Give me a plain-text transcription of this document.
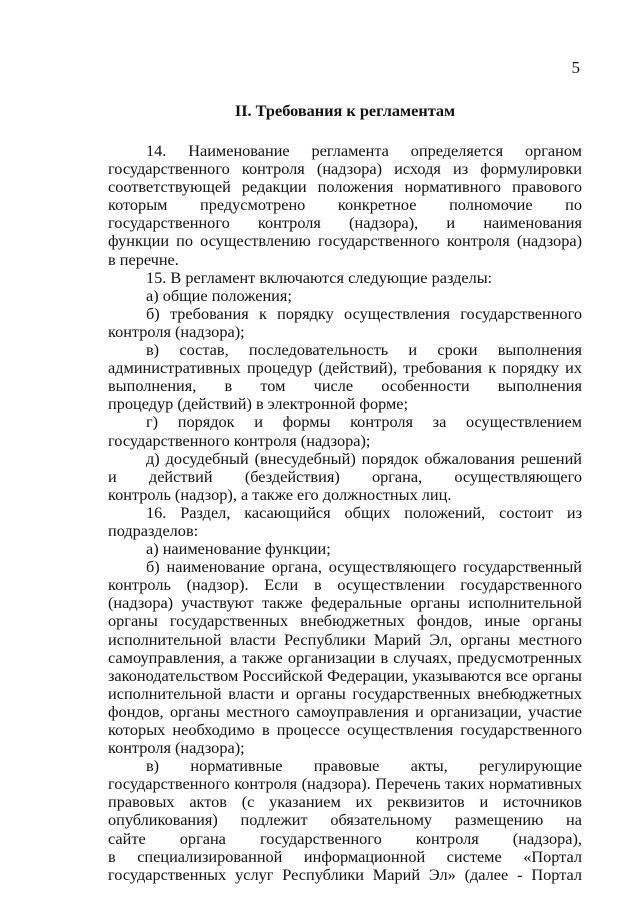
5
II. Требования к регламентам
14. Наименование регламента определяется органом
государственного контроля (надзора) исходя из формулировки
соответствующей редакции положения нормативного правового
которым предусмотрено конкретное полномочие по
государственного контроля (надзора), и наименования
функции по осуществлению государственного контроля (надзора)
в перечне.
15. В регламент включаются следующие разделы:
а) общие положения;
б) требования к порядку осуществления государственного
контроля (надзора);
в) состав, последовательность и сроки выполнения
административных процедур (действий), требования к порядку их
выполнения, в том числе особенности выполнения
процедур (действий) в электронной форме;
г) порядок и формы контроля за осуществлением
государственного контроля (надзора);
д) досудебный (внесудебный) порядок обжалования решений
и действий (бездействия) органа, осуществляющего
контроль (надзор), а также его должностных лиц.
16. Раздел, касающийся общих положений, состоит из
подразделов:
а) наименование функции;
б) наименование органа, осуществляющего государственный
контроль (надзор). Если в осуществлении государственного
(надзора) участвуют также федеральные органы исполнительной
органы государственных внебюджетных фондов, иные органы
исполнительной власти Республики Марий Эл, органы местного
самоуправления, а также организации в случаях, предусмотренных
законодательством Российской Федерации, указываются все органы
исполнительной власти и органы государственных внебюджетных
фондов, органы местного самоуправления и организации, участие
которых необходимо в процессе осуществления государственного
контроля (надзора);
в) нормативные правовые акты, регулирующие
государственного контроля (надзора). Перечень таких нормативных
правовых актов (с указанием их реквизитов и источников
опубликования) подлежит обязательному размещению на
сайте органа государственного контроля (надзора),
в специализированной информационной системе «Портал
государственных услуг Республики Марий Эл» (далее - Портал
